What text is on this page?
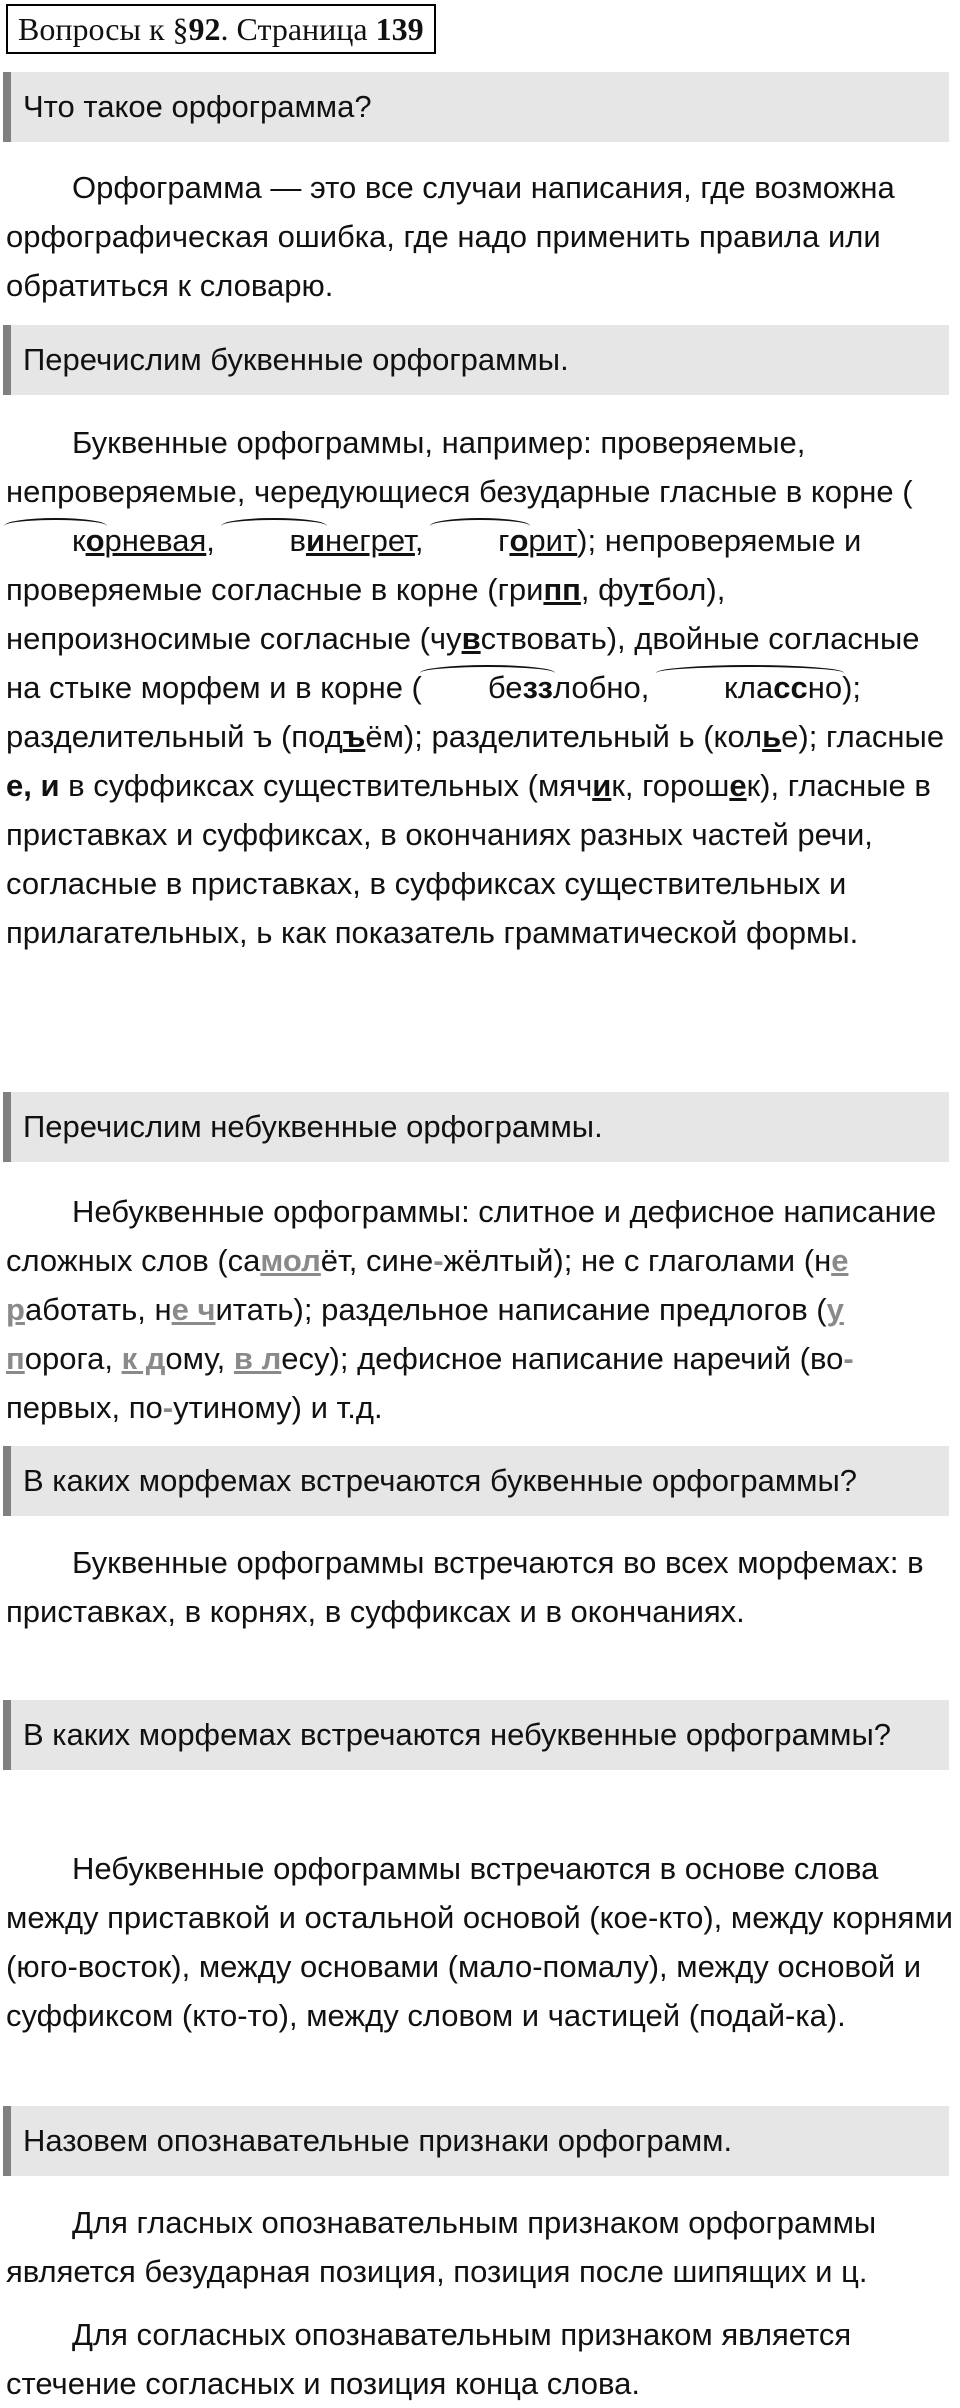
Вопросы к §92. Страница 139
Что такое орфограмма?
Орфограмма — это все случаи написания, где возможна орфографическая ошибка, где надо применить правила или обратиться к словарю.
Перечислим буквенные орфограммы.
Буквенные орфограммы, например: проверяемые, непроверяемые, чередующиеся безударные гласные в корне (корневая, винегрет, горит); непроверяемые и проверяемые согласные в корне (грипп, футбол), непроизносимые согласные (чувствовать), двойные согласные на стыке морфем и в корне ( беззлобно, классно); разделительный ъ (подъём); разделительный ь (колье); гласные е, и в суффиксах существительных (мячик, горошек), гласные в приставках и суффиксах, в окончаниях разных частей речи, согласные в приставках, в суффиксах существительных и прилагательных, ь как показатель грамматической формы.
Перечислим небуквенные орфограммы.
Небуквенные орфограммы: слитное и дефисное написание сложных слов (самолёт, сине-жёлтый); не с глаголами (не работать, не читать); раздельное написание предлогов (у порога, к дому, в лесу); дефисное написание наречий (во-первых, по-утиному) и т.д.
В каких морфемах встречаются буквенные орфограммы?
Буквенные орфограммы встречаются во всех морфемах: в приставках, в корнях, в суффиксах и в окончаниях.
В каких морфемах встречаются небуквенные орфограммы?
Небуквенные орфограммы встречаются в основе слова между приставкой и остальной основой (кое-кто), между корнями (юго-восток), между основами (мало-помалу), между основой и суффиксом (кто-то), между словом и частицей (подай-ка).
Назовем опознавательные признаки орфограмм.
Для гласных опознавательным признаком орфограммы является безударная позиция, позиция после шипящих и ц.
Для согласных опознавательным признаком является стечение согласных и позиция конца слова.
